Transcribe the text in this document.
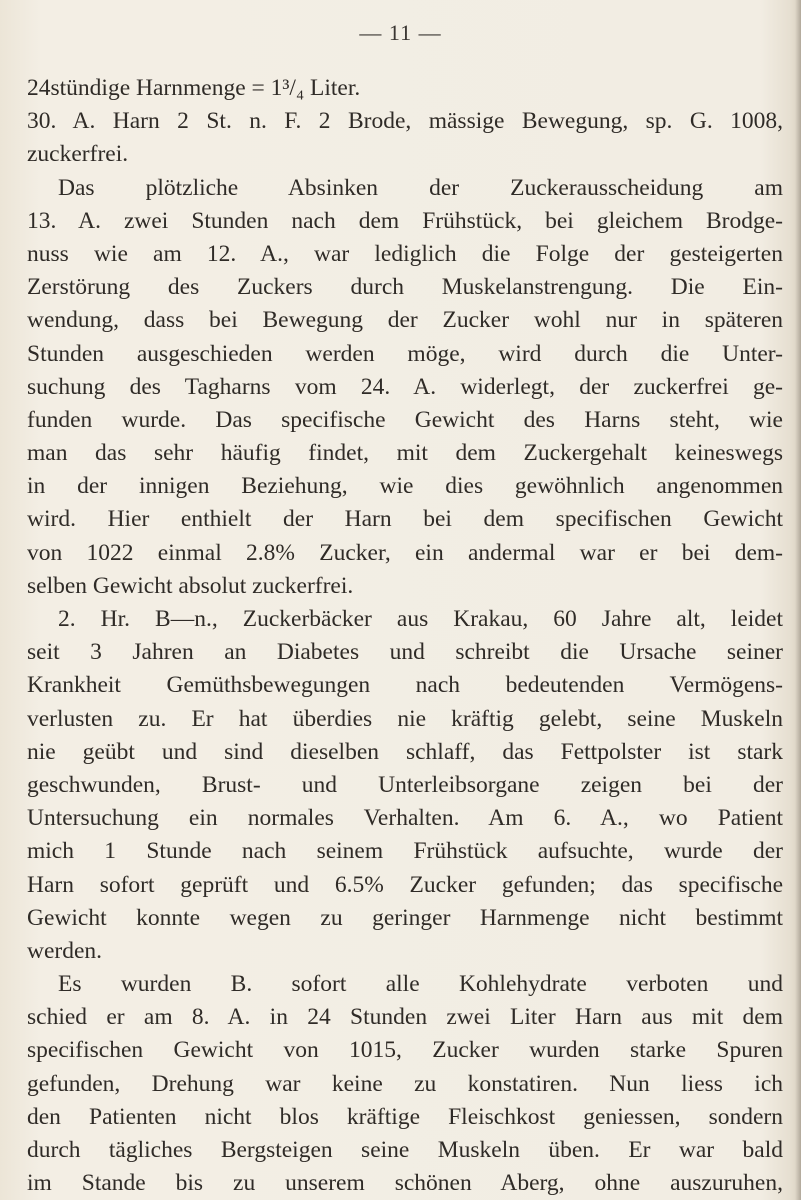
— 11 —
24stündige Harnmenge = 1³/₄ Liter.
30. A. Harn 2 St. n. F. 2 Brode, mässige Bewegung, sp. G. 1008,
zuckerfrei.
Das plötzliche Absinken der Zuckerausscheidung am
13. A. zwei Stunden nach dem Frühstück, bei gleichem Brodge-
nuss wie am 12. A., war lediglich die Folge der gesteigerten
Zerstörung des Zuckers durch Muskelanstrengung. Die Ein-
wendung, dass bei Bewegung der Zucker wohl nur in späteren
Stunden ausgeschieden werden möge, wird durch die Unter-
suchung des Tagharns vom 24. A. widerlegt, der zuckerfrei ge-
funden wurde. Das specifische Gewicht des Harns steht, wie
man das sehr häufig findet, mit dem Zuckergehalt keineswegs
in der innigen Beziehung, wie dies gewöhnlich angenommen
wird. Hier enthielt der Harn bei dem specifischen Gewicht
von 1022 einmal 2.8% Zucker, ein andermal war er bei dem-
selben Gewicht absolut zuckerfrei.
2. Hr. B—n., Zuckerbäcker aus Krakau, 60 Jahre alt, leidet
seit 3 Jahren an Diabetes und schreibt die Ursache seiner
Krankheit Gemüthsbewegungen nach bedeutenden Vermögens-
verlusten zu. Er hat überdies nie kräftig gelebt, seine Muskeln
nie geübt und sind dieselben schlaff, das Fettpolster ist stark
geschwunden, Brust- und Unterleibsorgane zeigen bei der
Untersuchung ein normales Verhalten. Am 6. A., wo Patient
mich 1 Stunde nach seinem Frühstück aufsuchte, wurde der
Harn sofort geprüft und 6.5% Zucker gefunden; das specifische
Gewicht konnte wegen zu geringer Harnmenge nicht bestimmt
werden.
Es wurden B. sofort alle Kohlehydrate verboten und
schied er am 8. A. in 24 Stunden zwei Liter Harn aus mit dem
specifischen Gewicht von 1015, Zucker wurden starke Spuren
gefunden, Drehung war keine zu konstatiren. Nun liess ich
den Patienten nicht blos kräftige Fleischkost geniessen, sondern
durch tägliches Bergsteigen seine Muskeln üben. Er war bald
im Stande bis zu unserem schönen Aberg, ohne auszuruhen,
